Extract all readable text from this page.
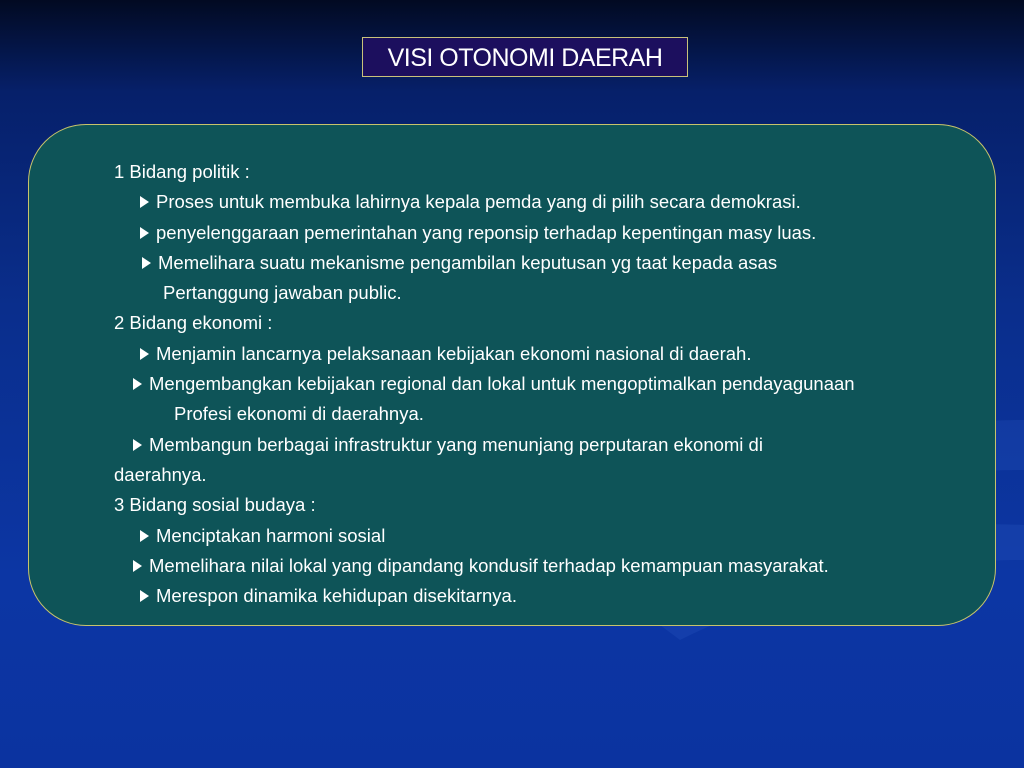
VISI OTONOMI DAERAH
1 Bidang politik :
Proses untuk membuka lahirnya kepala pemda yang di pilih secara demokrasi.
penyelenggaraan pemerintahan yang reponsip terhadap kepentingan masy luas.
Memelihara suatu mekanisme pengambilan keputusan yg taat kepada asas
Pertanggung jawaban public.
2 Bidang ekonomi :
Menjamin lancarnya pelaksanaan kebijakan ekonomi nasional di daerah.
Mengembangkan kebijakan regional dan lokal untuk mengoptimalkan pendayagunaan
Profesi ekonomi di daerahnya.
Membangun berbagai infrastruktur yang menunjang perputaran ekonomi di
daerahnya.
3 Bidang sosial budaya :
Menciptakan harmoni sosial
Memelihara nilai lokal yang dipandang kondusif terhadap kemampuan masyarakat.
Merespon dinamika kehidupan disekitarnya.
